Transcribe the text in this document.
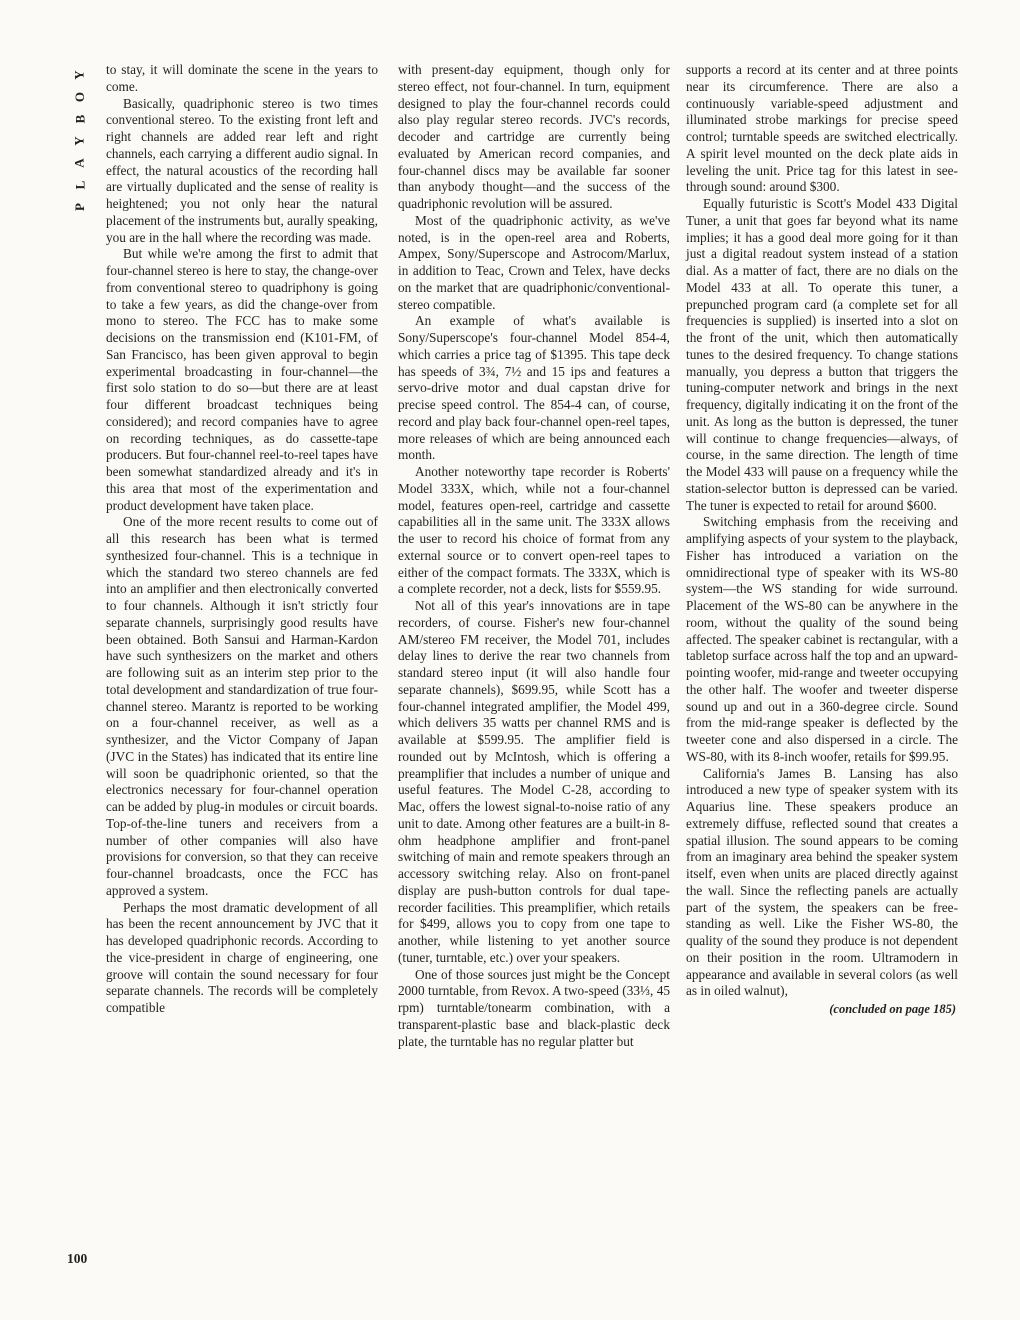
Y
O
B
Y
A
L
P

to stay, it will dominate the scene in the years to come.

Basically, quadriphonic stereo is two times conventional stereo. To the existing front left and right channels are added rear left and right channels, each carrying a different audio signal. In effect, the natural acoustics of the recording hall are virtually duplicated and the sense of reality is heightened; you not only hear the natural placement of the instruments but, aurally speaking, you are in the hall where the recording was made.

But while we're among the first to admit that four-channel stereo is here to stay, the change-over from conventional stereo to quadriphony is going to take a few years, as did the change-over from mono to stereo. The FCC has to make some decisions on the transmission end (K101-FM, of San Francisco, has been given approval to begin experimental broadcasting in four-channel—the first solo station to do so—but there are at least four different broadcast techniques being considered); and record companies have to agree on recording techniques, as do cassette-tape producers. But four-channel reel-to-reel tapes have been somewhat standardized already and it's in this area that most of the experimentation and product development have taken place.

One of the more recent results to come out of all this research has been what is termed synthesized four-channel. This is a technique in which the standard two stereo channels are fed into an amplifier and then electronically converted to four channels. Although it isn't strictly four separate channels, surprisingly good results have been obtained. Both Sansui and Harman-Kardon have such synthesizers on the market and others are following suit as an interim step prior to the total development and standardization of true four-channel stereo. Marantz is reported to be working on a four-channel receiver, as well as a synthesizer, and the Victor Company of Japan (JVC in the States) has indicated that its entire line will soon be quadriphonic oriented, so that the electronics necessary for four-channel operation can be added by plug-in modules or circuit boards. Top-of-the-line tuners and receivers from a number of other companies will also have provisions for conversion, so that they can receive four-channel broadcasts, once the FCC has approved a system.

Perhaps the most dramatic development of all has been the recent announcement by JVC that it has developed quadriphonic records. According to the vice-president in charge of engineering, one groove will contain the sound necessary for four separate channels. The records will be completely compatible

with present-day equipment, though only for stereo effect, not four-channel. In turn, equipment designed to play the four-channel records could also play regular stereo records. JVC's records, decoder and cartridge are currently being evaluated by American record companies, and four-channel discs may be available far sooner than anybody thought—and the success of the quadriphonic revolution will be assured.

Most of the quadriphonic activity, as we've noted, is in the open-reel area and Roberts, Ampex, Sony/Superscope and Astrocom/Marlux, in addition to Teac, Crown and Telex, have decks on the market that are quadriphonic/conventional-stereo compatible.

An example of what's available is Sony/Superscope's four-channel Model 854-4, which carries a price tag of $1395. This tape deck has speeds of 3¾, 7½ and 15 ips and features a servo-drive motor and dual capstan drive for precise speed control. The 854-4 can, of course, record and play back four-channel open-reel tapes, more releases of which are being announced each month.

Another noteworthy tape recorder is Roberts' Model 333X, which, while not a four-channel model, features open-reel, cartridge and cassette capabilities all in the same unit. The 333X allows the user to record his choice of format from any external source or to convert open-reel tapes to either of the compact formats. The 333X, which is a complete recorder, not a deck, lists for $559.95.

Not all of this year's innovations are in tape recorders, of course. Fisher's new four-channel AM/stereo FM receiver, the Model 701, includes delay lines to derive the rear two channels from standard stereo input (it will also handle four separate channels), $699.95, while Scott has a four-channel integrated amplifier, the Model 499, which delivers 35 watts per channel RMS and is available at $599.95. The amplifier field is rounded out by McIntosh, which is offering a preamplifier that includes a number of unique and useful features. The Model C-28, according to Mac, offers the lowest signal-to-noise ratio of any unit to date. Among other features are a built-in 8-ohm headphone amplifier and front-panel switching of main and remote speakers through an accessory switching relay. Also on front-panel display are push-button controls for dual tape-recorder facilities. This preamplifier, which retails for $499, allows you to copy from one tape to another, while listening to yet another source (tuner, turntable, etc.) over your speakers.

One of those sources just might be the Concept 2000 turntable, from Revox. A two-speed (33⅓, 45 rpm) turntable/tonearm combination, with a transparent-plastic base and black-plastic deck plate, the turntable has no regular platter but

supports a record at its center and at three points near its circumference. There are also a continuously variable-speed adjustment and illuminated strobe markings for precise speed control; turntable speeds are switched electrically. A spirit level mounted on the deck plate aids in leveling the unit. Price tag for this latest in see-through sound: around $300.

Equally futuristic is Scott's Model 433 Digital Tuner, a unit that goes far beyond what its name implies; it has a good deal more going for it than just a digital readout system instead of a station dial. As a matter of fact, there are no dials on the Model 433 at all. To operate this tuner, a prepunched program card (a complete set for all frequencies is supplied) is inserted into a slot on the front of the unit, which then automatically tunes to the desired frequency. To change stations manually, you depress a button that triggers the tuning-computer network and brings in the next frequency, digitally indicating it on the front of the unit. As long as the button is depressed, the tuner will continue to change frequencies—always, of course, in the same direction. The length of time the Model 433 will pause on a frequency while the station-selector button is depressed can be varied. The tuner is expected to retail for around $600.

Switching emphasis from the receiving and amplifying aspects of your system to the playback, Fisher has introduced a variation on the omnidirectional type of speaker with its WS-80 system—the WS standing for wide surround. Placement of the WS-80 can be anywhere in the room, without the quality of the sound being affected. The speaker cabinet is rectangular, with a tabletop surface across half the top and an upward-pointing woofer, mid-range and tweeter occupying the other half. The woofer and tweeter disperse sound up and out in a 360-degree circle. Sound from the mid-range speaker is deflected by the tweeter cone and also dispersed in a circle. The WS-80, with its 8-inch woofer, retails for $99.95.

California's James B. Lansing has also introduced a new type of speaker system with its Aquarius line. These speakers produce an extremely diffuse, reflected sound that creates a spatial illusion. The sound appears to be coming from an imaginary area behind the speaker system itself, even when units are placed directly against the wall. Since the reflecting panels are actually part of the system, the speakers can be free-standing as well. Like the Fisher WS-80, the quality of the sound they produce is not dependent on their position in the room. Ultramodern in appearance and available in several colors (as well as in oiled walnut),

(concluded on page 185)
100
